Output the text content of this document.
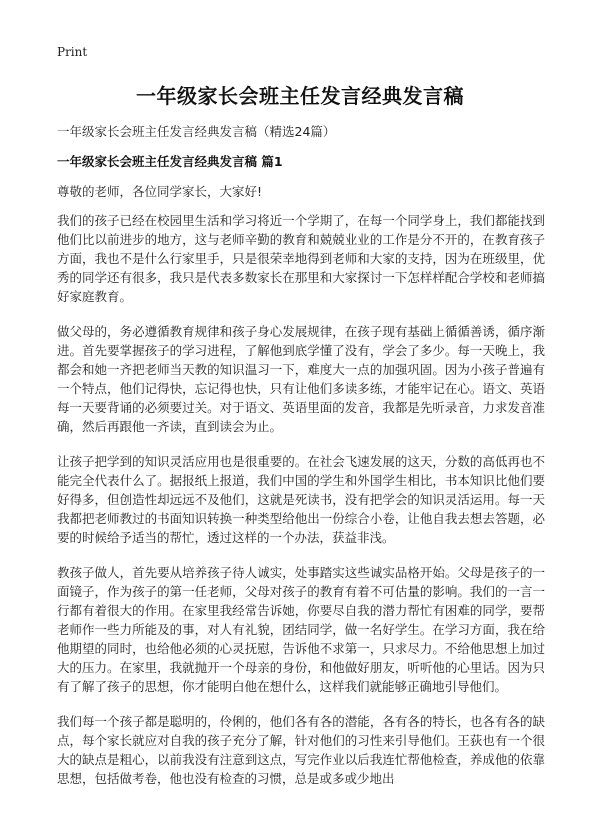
Print
一年级家长会班主任发言经典发言稿
一年级家长会班主任发言经典发言稿（精选24篇）
一年级家长会班主任发言经典发言稿 篇1
尊敬的老师，各位同学家长，大家好!

我们的孩子已经在校园里生活和学习将近一个学期了，在每一个同学身上，我们都能找到他们比以前进步的地方，这与老师辛勤的教育和兢兢业业的工作是分不开的，在教育孩子方面，我也不是什么行家里手，只是很荣幸地得到老师和大家的支持，因为在班级里，优秀的同学还有很多，我只是代表多数家长在那里和大家探讨一下怎样样配合学校和老师搞好家庭教育。

做父母的，务必遵循教育规律和孩子身心发展规律，在孩子现有基础上循循善诱，循序渐进。首先要掌握孩子的学习进程，了解他到底学懂了没有，学会了多少。每一天晚上，我都会和她一齐把老师当天教的知识温习一下，难度大一点的加强巩固。因为小孩子普遍有一个特点，他们记得快，忘记得也快，只有让他们多读多练，才能牢记在心。语文、英语每一天要背诵的必须要过关。对于语文、英语里面的发音，我都是先听录音，力求发音准确，然后再跟他一齐读，直到读会为止。

让孩子把学到的知识灵活应用也是很重要的。在社会飞速发展的这天，分数的高低再也不能完全代表什么了。据报纸上报道，我们中国的学生和外国学生相比，书本知识比他们要好得多，但创造性却远远不及他们，这就是死读书，没有把学会的知识灵活运用。每一天我都把老师教过的书面知识转换一种类型给他出一份综合小卷，让他自我去想去答题，必要的时候给予适当的帮忙，透过这样的一个办法，获益非浅。

教孩子做人，首先要从培养孩子待人诚实，处事踏实这些诚实品格开始。父母是孩子的一面镜子，作为孩子的第一任老师，父母对孩子的教育有着不可估量的影响。我们的一言一行都有着很大的作用。在家里我经常告诉她，你要尽自我的潜力帮忙有困难的同学，要帮老师作一些力所能及的事，对人有礼貌，团结同学，做一名好学生。在学习方面，我在给他期望的同时，也给他必须的心灵抚慰，告诉他不求第一，只求尽力。不给他思想上加过大的压力。在家里，我就抛开一个母亲的身份，和他做好朋友，听听他的心里话。因为只有了解了孩子的思想，你才能明白他在想什么，这样我们就能够正确地引导他们。

我们每一个孩子都是聪明的，伶俐的，他们各有各的潜能，各有各的特长，也各有各的缺点，每个家长就应对自我的孩子充分了解，针对他们的习性来引导他们。王荻也有一个很大的缺点是粗心，以前我没有注意到这点，写完作业以后我连忙帮他检查，养成他的依靠思想，包括做考卷，他也没有检查的习惯，总是或多或少地出
